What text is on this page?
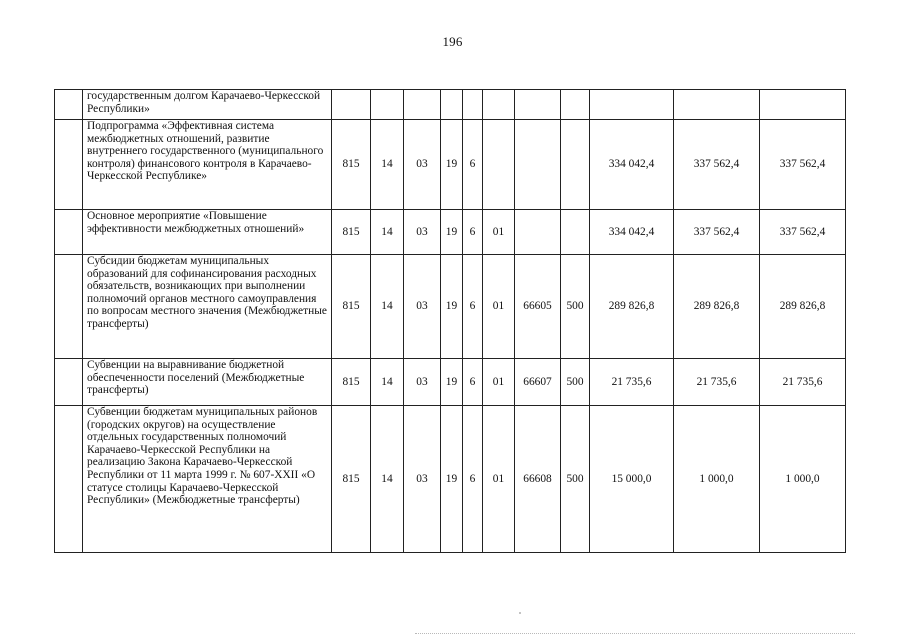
196
	государственным долгом Карачаево-Черкесской Республики»											
	Подпрограмма «Эффективная система межбюджетных отношений, развитие внутреннего государственного (муниципального контроля) финансового контроля в Карачаево-Черкесской Республике»	815	14	03	19	6				334 042,4	337 562,4	337 562,4
	Основное мероприятие «Повышение эффективности межбюджетных отношений»	815	14	03	19	6	01			334 042,4	337 562,4	337 562,4
	Субсидии бюджетам муниципальных образований для софинансирования расходных обязательств, возникающих при выполнении полномочий органов местного самоуправления по вопросам местного значения (Межбюджетные трансферты)	815	14	03	19	6	01	66605	500	289 826,8	289 826,8	289 826,8
	Субвенции на выравнивание бюджетной обеспеченности поселений (Межбюджетные трансферты)	815	14	03	19	6	01	66607	500	21 735,6	21 735,6	21 735,6
	Субвенции бюджетам муниципальных районов (городских округов) на осуществление отдельных государственных полномочий Карачаево-Черкесской Республики на реализацию Закона Карачаево-Черкесской Республики от 11 марта 1999 г. № 607-XXII «О статусе столицы Карачаево-Черкесской Республики» (Межбюджетные трансферты)	815	14	03	19	6	01	66608	500	15 000,0	1 000,0	1 000,0
